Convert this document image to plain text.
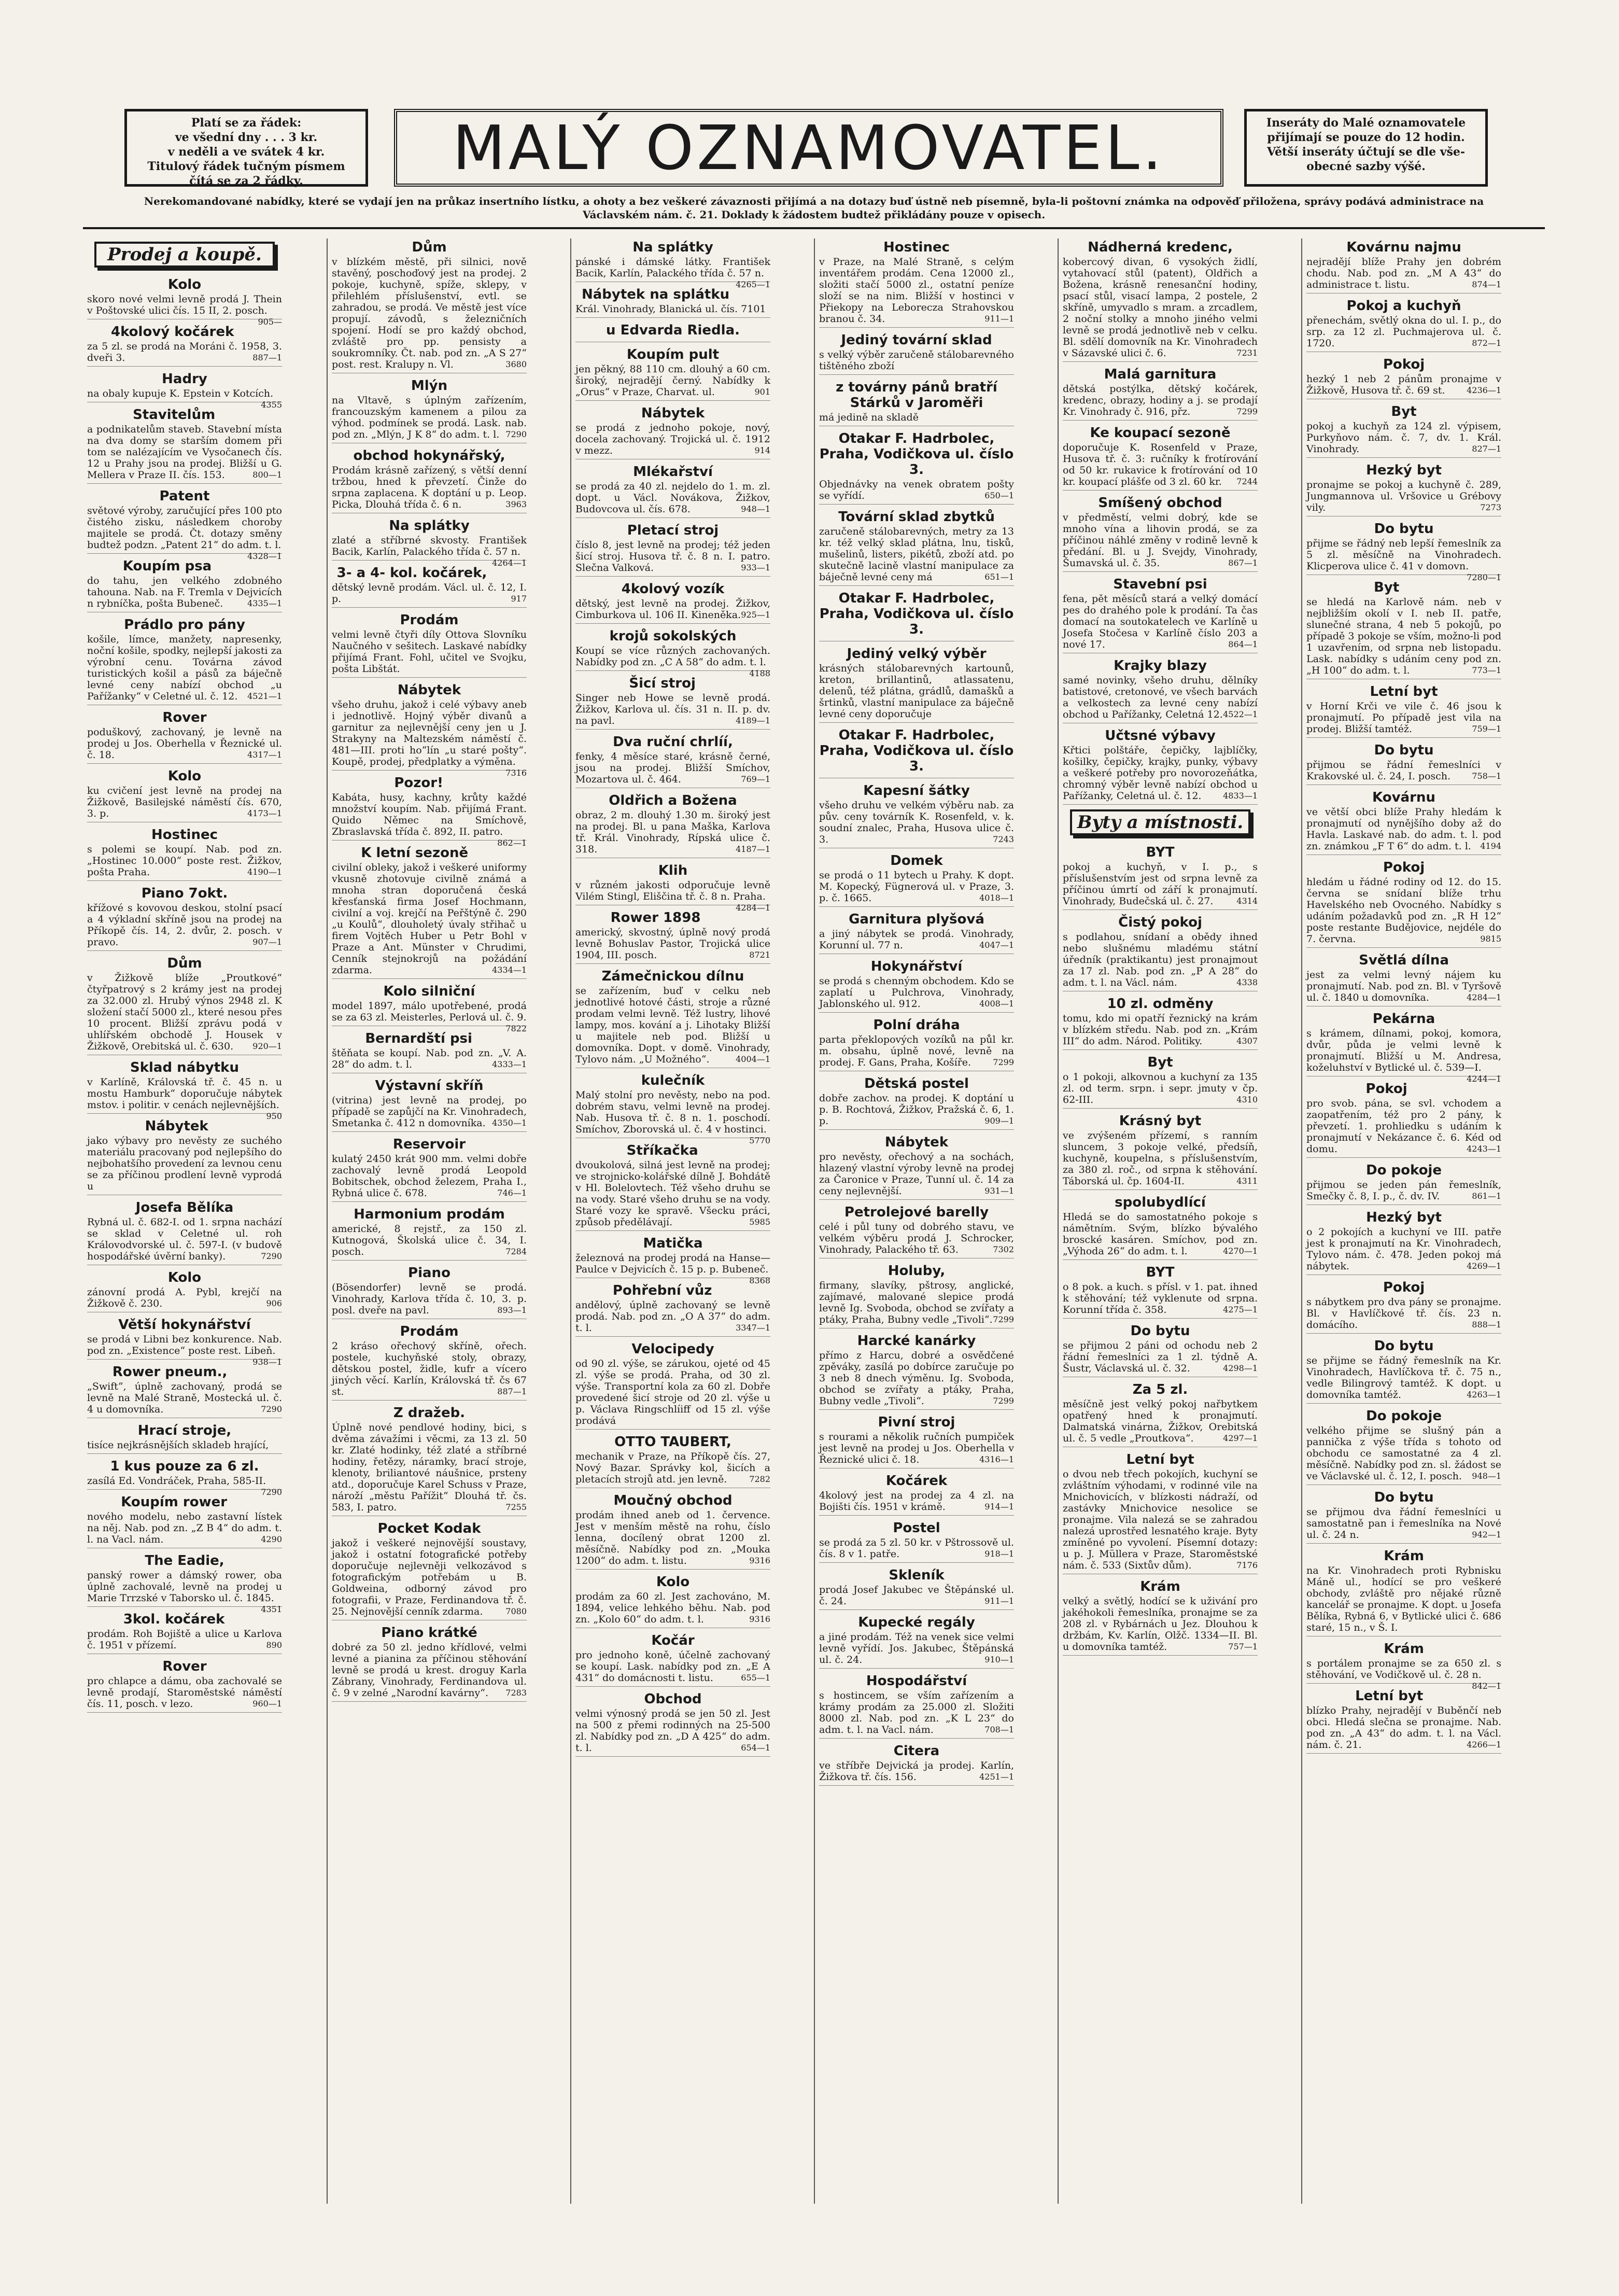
Platí se za řádek:
ve všední dny . . . 3 kr.
v neděli a ve svátek 4 kr.
Titulový řádek tučným písmem
čítá se za 2 řádky.	MALÝ OZNAMOVATEL.	Inseráty do Malé oznamovatele
přijímají se pouze do 12 hodin.
Větší inseráty účtují se dle vše-
obecné sazby výšé.
Nerekomandované nabídky, které se vydají jen na průkaz insertního lístku, a ohoty a bez veškeré závaznosti přijímá a na dotazy buď ústně neb písemně, byla-li poštovní známka na odpověď přiložena, správy podává administrace na Václavském nám. č. 21. Doklady k žádostem budtež přikládány pouze v opisech.
Prodej a koupě.
Kolo

skoro nové velmi levně prodá J. Thein v Poštovské ulici čís. 15 II, 2. posch.
905—

4kolový kočárek

za 5 zl. se prodá na Moráni č. 1958, 3. dveři 3.	887—1

Hadry

na obaly kupuje K. Epstein v Kotcích.
4355

Stavitelům

a podnikatelům staveb. Stavební místa na dva domy se starším domem při tom se nalézajícím ve Vysočanech čís. 12 u Prahy jsou na prodej. Bližší u G. Mellera v Praze II. čís. 153.	800—1

Patent

světové výroby, zaručující přes 100 pto čistého zisku, následkem choroby majitele se prodá. Čt. dotazy směny budtež podzn. „Patent 21“ do adm. t. l.
4328—1

Koupím psa

do tahu, jen velkého zdobného tahouna. Nab. na F. Tremla v Dejvicích n rybníčka, pošta Bubeneč.	4335—1

Prádlo pro pány

košile, límce, manžety, napresenky, noční košile, spodky, nejlepší jakosti za výrobní cenu. Továrna závod turistických košil a pásů za báječně levné ceny nabízí obchod „u Pařížanky“ v Celetné ul. č. 12. 4521—1

Rover

poduškový, zachovaný, je levně na prodej u Jos. Oberhella v Řeznické ul. č. 18.	4317—1

Kolo

ku cvičení jest levně na prodej na Žižkově, Basilejské náměstí čís. 670, 3. p.	4173—1

Hostinec

s polemi se koupí. Nab. pod zn. „Hostinec 10.000“ poste rest. Žižkov, pošta Praha.	4190—1

Piano 7okt.

křížové s kovovou deskou, stolní psací a 4 výkladní skříně jsou na prodej na Příkopě čís. 14, 2. dvůr, 2. posch. v pravo.	907—1

Dům

v Žižkově blíže „Proutkové“ čtyřpatrový s 2 krámy jest na prodej za 32.000 zl. Hrubý výnos 2948 zl. K složení stačí 5000 zl., které nesou přes 10 procent. Bližší zprávu podá v uhlířském obchodě J. Housek v Žižkově, Orebitská ul. č. 630. 920—1

Sklad nábytku

v Karlíně, Královská tř. č. 45 n. u mostu Hamburk“ doporučuje nábytek mstov. i politir. v cenách nejlevnějších.
950

Nábytek

jako výbavy pro nevěsty ze suchého materiálu pracovaný pod nejlepšího do nejbohatšího provedení za levnou cenu se za příčinou prodlení levně vyprodá u

Josefa Bělíka

Rybná ul. č. 682-I. od 1. srpna nachází se sklad v Celetné ul. roh Královodvorské ul. č. 597-I. (v budově hospodářské úvěrní banky).	7290

Kolo

zánovní prodá A. Pybl, krejčí na Žižkově č. 230.	906

Větší hokynářství

se prodá v Libni bez konkurence. Nab. pod zn. „Existence“ poste rest. Libeň.
938—1

Rower pneum.,

„Swift“, úplně zachovaný, prodá se levně na Malé Straně, Mostecká ul. č. 4 u domovníka.	7290

Hrací stroje,

tisíce nejkrásnějších skladeb hrající,

1 kus pouze za 6 zl.

zasílá Ed. Vondráček, Praha, 585-II.
7290

Koupím rower

nového modelu, nebo zastavní lístek na něj. Nab. pod zn. „Z B 4“ do adm. t. l. na Vacl. nám.	4290

The Eadie,

panský rower a dámský rower, oba úplně zachovalé, levně na prodej u Marie Trrzské v Taborsko ul. č. 1845.
4351

3kol. kočárek

prodám. Roh Bojiště a ulice u Karlova č. 1951 v přízemí.	890

Rover

pro chlapce a dámu, oba zachovalé se levně prodají, Staroměstské náměstí čís. 11, posch. v lezo.	960—1

Dům

v blízkém městě, při silnici, nově stavěný, poschoďový jest na prodej. 2 pokoje, kuchyně, spíže, sklepy, v přilehlém příslušenství, evtl. se zahradou, se prodá. Ve městě jest více propují. závodů, s železničních spojení. Hodí se pro každý obchod, zvláště pro pp. pensisty a soukromníky. Čt. nab. pod zn. „A S 27“ post. rest. Kralupy n. Vl.	3680

Mlýn

na Vltavě, s úplným zařízením, francouzským kamenem a pilou za výhod. podmínek se prodá. Lask. nab. pod zn. „Mlýn, J K 8“ do adm. t. l. 7290

obchod hokynářský,

Prodám krásně zařízený, s větší denní tržbou, hned k převzetí. Činže do srpna zaplacena. K doptání u p. Leop. Picka, Dlouhá třída č. 6 n.	3963

Na splátky

zlaté a stříbrné skvosty. František Bacik, Karlín, Palackého třída č. 57 n.
4264—1

3- a 4- kol. kočárek,

dětský levně prodám. Václ. ul. č. 12, I. p.	917

Prodám

velmi levně čtyři díly Ottova Slovníku Naučného v sešitech. Laskavé nabídky přijímá Frant. Fohl, učitel ve Svojku, pošta Libštát.

Nábytek

všeho druhu, jakož i celé výbavy aneb i jednotlivě. Hojný výběr divanů a garnitur za nejlevnější ceny jen u J. Strakyny na Maltezském náměstí č. 481—III. proti ho“lín „u staré pošty“. Koupě, prodej, předplatky a výměna.
7316

Pozor!

Kabáta, husy, kachny, krůty každé množství koupím. Nab. přijímá Frant. Quido Němec na Smíchově, Zbraslavská třída č. 892, II. patro.
862—1

K letní sezoně

civilní obleky, jakož i veškeré uniformy vkusně zhotovuje civilně známá a mnoha stran doporučená česká křesťanská firma Josef Hochmann, civilní a voj. krejčí na Peřštýně č. 290 „u Koulů“, dlouholetý úvaly střihač u firem Vojtěch Huber u Petr Bohl v Praze a Ant. Münster v Chrudimi, Cenník stejnokrojů na požádání zdarma.	4334—1

Kolo silniční

model 1897, málo upotřebené, prodá se za 63 zl. Meisterles, Perlová ul. č. 9.
7822

Bernardští psi

štěňata se koupí. Nab. pod zn. „V. A. 28“ do adm. t. l.	4333—1

Výstavní skříň

(vitrina) jest levně na prodej, po případě se zapůjčí na Kr. Vinohradech, Smetanka č. 412 n domovníka. 4350—1

Reservoir

kulatý 2450 krát 900 mm. velmi dobře zachovalý levně prodá Leopold Bobitschek, obchod železem, Praha I., Rybná ulice č. 678.	746—1

Harmonium prodám

americké, 8 rejstř., za 150 zl. Kutnogová, Školská ulice č. 34, I. posch.	7284

Piano

(Bösendorfer) levně se prodá. Vinohrady, Karlova třída č. 10, 3. p. posl. dveře na pavl.	893—1

Prodám

2 kráso ořechový skříně, ořech. postele, kuchyňské stoly, obrazy, dětskou postel, židle, kufr a vícero jiných věcí. Karlín, Královská tř. čs 67 st.	887—1

Z dražeb.

Úplně nové pendlové hodiny, bici, s dvěma závažími i věcmi, za 13 zl. 50 kr. Zlaté hodinky, též zlaté a stříbrné hodiny, řetězy, náramky, brací stroje, klenoty, briliantové náušnice, prsteny atd., doporučuje Karel Schuss v Praze, nároží „městu Pařížit“ Dlouhá tř. čs. 583, I. patro.	7255

Pocket Kodak

jakož i veškeré nejnovější soustavy, jakož i ostatní fotografické potřeby doporučuje nejlevněji velkozávod s fotografickým potřebám u B. Goldweina, odborný závod pro fotografii, v Praze, Ferdinandova tř. č. 25. Nejnovější cenník zdarma.	7080

Piano krátké

dobré za 50 zl. jedno křídlové, velmi levné a pianina za příčinou stěhování levně se prodá u krest. droguy Karla Zábrany, Vinohrady, Ferdinandova ul. č. 9 v zelné „Narodní kavárny“. 7283

Na splátky

pánské i dámské látky. František Bacik, Karlín, Palackého třída č. 57 n.
4265—1

Nábytek na splátku

Král. Vinohrady, Blanická ul. čís. 7101

u Edvarda Riedla.
Koupím pult

jen pěkný, 88 110 cm. dlouhý a 60 cm. široký, nejradějí černý. Nabídky k „Orus“ v Praze, Charvat. ul.	901

Nábytek

se prodá z jednoho pokoje, nový, docela zachovaný. Trojická ul. č. 1912 v mezz.	914

Mlékařství

se prodá za 40 zl. nejdelo do 1. m. zl. dopt. u Václ. Novákova, Žižkov, Budovcova ul. čís. 678.	948—1

Pletací stroj

číslo 8, jest levně na prodej; též jeden šicí stroj. Husova tř. č. 8 n. I. patro. Slečna Valková.	933—1

4kolový vozík

dětský, jest levně na prodej. Žižkov, Cimburkova ul. 106 II. Kineněka. 925—1

krojů sokolských

Koupí se více různých zachovaných. Nabídky pod zn. „C A 58“ do adm. t. l.
4188

Šicí stroj

Singer neb Howe se levně prodá. Žižkov, Karlova ul. čís. 31 n. II. p. dv. na pavl.	4189—1

Dva ruční chrlíí,

fenky, 4 měsíce staré, krásně černé, jsou na prodej. Bližší Smíchov, Mozartova ul. č. 464.	769—1

Oldřich a Božena

obraz, 2 m. dlouhý 1.30 m. široký jest na prodej. Bl. u pana Maška, Karlova tř. Král. Vinohrady, Rípská ulice č. 318.	4187—1

Klih

v různém jakosti odporučuje levně Vilém Stingl, Eliščina tř. č. 8 n. Praha.
4284—1

Rower 1898

americký, skvostný, úplně nový prodá levně Bohuslav Pastor, Trojická ulice 1904, III. posch.	8721

Zámečnickou dílnu

se zařízením, buď v celku neb jednotlivé hotové části, stroje a různé prodam velmi levně. Též lustry, lihové lampy, mos. kování a j. Lihotaky Bližší u majitele neb pod. Bližší u domovníka. Dopt. v domě. Vinohrady, Tylovo nám. „U Možného“.	4004—1

kulečník

Malý stolní pro nevěsty, nebo na pod. dobrém stavu, velmi levně na prodej. Nab. Husova tř. č. 8 n. 1. poschodí. Smíchov, Zborovská ul. č. 4 v hostinci.
5770

Stříkačka

dvoukolová, silná jest levně na prodej; ve strojnicko-kolářské dílně J. Bohdátě v Hl. Bolelovtech. Též všeho druhu se na vody. Staré všeho druhu se na vody. Staré vozy ke spravě. Všecku práci, způsob předělávají.	5985

Matička

železnová na prodej prodá na Hanse—Paulce v Dejvicích č. 15 p. p. Bubeneč.
8368

Pohřební vůz

andělový, úplně zachovaný se levně prodá. Nab. pod zn. „O A 37“ do adm. t. l.	3347—1

Velocipedy

od 90 zl. výše, se zárukou, ojeté od 45 zl. výše se prodá. Praha, od 30 zl. výše. Transportní kola za 60 zl. Dobře provedené šicí stroje od 20 zl. výše u p. Václava Ringschlíiff od 15 zl. výše prodává

OTTO TAUBERT,

mechanik v Praze, na Příkopě čís. 27, Nový Bazar. Správky kol, šicích a pletacích strojů atd. jen levně.	7282

Moučný obchod

prodám ihned aneb od 1. července. Jest v menším městě na rohu, číslo lenna, docílený obrat 1200 zl. měsíčně. Nabídky pod zn. „Mouka 1200“ do adm. t. listu.	9316

Kolo

prodám za 60 zl. Jest zachováno, M. 1894, velice lehkého běhu. Nab. pod zn. „Kolo 60“ do adm. t. l.	9316

Kočár

pro jednoho koně, účelně zachovaný se koupí. Lask. nabídky pod zn. „E A 431“ do domácnosti t. listu.	655—1

Obchod

velmi výnosný prodá se jen 50 zl. Jest na 500 z přemi rodinných na 25-500 zl. Nabídky pod zn. „D A 425“ do adm. t. l.	654—1

Hostinec

v Praze, na Malé Straně, s celým inventářem prodám. Cena 12000 zl., složiti stačí 5000 zl., ostatní peníze složí se na nim. Bližší v hostinci v Přiekopy na Leborecza Strahovskou branou č. 34.	911—1

Jediný tovární sklad

s velký výběr zaručeně stálobarevného tištěného zboží

z továrny pánů bratří Stárků v Jaroměři

má jedině na skladě

Otakar F. Hadrbolec, Praha, Vodičkova ul. číslo 3.

Objednávky na venek obratem pošty se vyřídí.	650—1

Tovární sklad zbytků

zaručeně stálobarevných, metry za 13 kr. též velký sklad plátna, lnu, tisků, mušelinů, listers, pikétů, zboží atd. po skutečně lacině vlastní manipulace za báječně levné ceny má	651—1

Otakar F. Hadrbolec, Praha, Vodičkova ul. číslo 3.
Jediný velký výběr

krásných stálobarevných kartounů, kreton, brillantinů, atlassatenu, delenů, též plátna, grádlů, damašků a šrtinků, vlastní manipulace za báječně levné ceny doporučuje

Otakar F. Hadrbolec, Praha, Vodičkova ul. číslo 3.
Kapesní šátky

všeho druhu ve velkém výběru nab. za pův. ceny továrník K. Rosenfeld, v. k. soudní znalec, Praha, Husova ulice č. 3.	7243

Domek

se prodá o 11 bytech u Prahy. K dopt. M. Kopecký, Fügnerová ul. v Praze, 3. p. č. 1665.	4018—1

Garnitura plyšová

a jiný nábytek se prodá. Vinohrady, Korunní ul. 77 n.	4047—1

Hokynářství

se prodá s chenným obchodem. Kdo se zaplatí u Pulchrova, Vinohrady, Jablonského ul. 912.	4008—1

Polní dráha

parta překlopových vozíků na půl kr. m. obsahu, úplně nové, levně na prodej. F. Gans, Praha, Košíře.	7299

Dětská postel

dobře zachov. na prodej. K doptání u p. B. Rochtová, Žižkov, Pražská č. 6, 1. p.	909—1

Nábytek

pro nevěsty, ořechový a na sochách, hlazený vlastní výroby levně na prodej za Čaronice v Praze, Tunní ul. č. 14 za ceny nejlevnější.	931—1

Petrolejové barelly

celé i půl tuny od dobrého stavu, ve velkém výběru prodá J. Schrocker, Vinohrady, Palackého tř. 63.	7302

Holuby,

firmany, slavíky, pštrosy, anglické, zajímavé, malované slepice prodá levně Ig. Svoboda, obchod se zvířaty a ptáky, Praha, Bubny vedle „Tivoli“. 7299

Harcké kanárky

přímo z Harcu, dobré a osvědčené zpěváky, zasílá po dobírce zaručuje po 3 neb 8 dnech výměnu. Ig. Svoboda, obchod se zvířaty a ptáky, Praha, Bubny vedle „Tivoli“.	7299

Pivní stroj

s rourami a několik ručních pumpiček jest levně na prodej u Jos. Oberhella v Řeznické ulici č. 18.	4316—1

Kočárek

4kolový jest na prodej za 4 zl. na Bojišti čís. 1951 v krámě.	914—1

Postel

se prodá za 5 zl. 50 kr. v Pštrossově ul. čís. 8 v 1. patře.	918—1

Skleník

prodá Josef Jakubec ve Štěpánské ul. č. 24.	911—1

Kupecké regály

a jiné prodám. Též na venek sice velmi levně vyřídí. Jos. Jakubec, Štěpánská ul. č. 24.	910—1

Hospodářství

s hostincem, se vším zařízením a krámy prodám za 25.000 zl. Složiti 8000 zl. Nab. pod zn. „K L 23“ do adm. t. l. na Vacl. nám.	708—1

Citera

ve stříbře Dejvická ja prodej. Karlín, Žižkova tř. čís. 156.	4251—1

Nádherná kredenc,

kobercový divan, 6 vysokých židlí, vytahovací stůl (patent), Oldřich a Božena, krásně renesanční hodiny, psací stůl, visací lampa, 2 postele, 2 skříně, umyvadlo s mram. a zrcadlem, 2 noční stolky a mnoho jiného velmi levně se prodá jednotlivě neb v celku. Bl. sdělí domovník na Kr. Vinohradech v Sázavské ulici č. 6.	7231

Malá garnitura

dětská postýlka, dětský kočárek, kredenc, obrazy, hodiny a j. se prodají Kr. Vinohrady č. 916, přz.	7299

Ke koupací sezoně

doporučuje K. Rosenfeld v Praze, Husova tř. č. 3: ručníky k frotírování od 50 kr. rukavice k frotírování od 10 kr. koupací plášťe od 3 zl. 60 kr. 7244

Smíšený obchod

v předměstí, velmi dobrý, kde se mnoho vína a lihovin prodá, se za příčinou náhlé změny v rodině levně k předání. Bl. u J. Svejdy, Vinohrady, Šumavská ul. č. 35.	867—1

Stavební psi

fena, pět měsíců stará a velký domácí pes do drahého pole k prodání. Ta čas domací na soutokatelech ve Karlíně u Josefa Stočesa v Karlíně číslo 203 a nové 17.	864—1

Krajky blazy

samé novinky, všeho druhu, dělníky batistové, cretonové, ve všech barvách a velkostech za levné ceny nabízí obchod u Pařížanky, Celetná 12. 4522—1

Učtsné výbavy

Křtici polštáře, čepičky, lajblíčky, košilky, čepičky, krajky, punky, výbavy a veškeré potřeby pro novorozeňátka, chromný výběr levně nabízí obchod u Pařížanky, Celetná ul. č. 12.	4833—1

Byty a místnosti.
BYT

pokoj a kuchyň, v I. p., s příslušenstvím jest od srpna levně za příčinou úmrtí od září k pronajmutí. Vinohrady, Budečská ul. č. 27.	4314

Čistý pokoj

s podlahou, snídaní a obědy ihned nebo slušnému mladému státní úředník (praktikantu) jest pronajmout za 17 zl. Nab. pod zn. „P A 28“ do adm. t. l. na Václ. nám.	4338

10 zl. odměny

tomu, kdo mi opatří řeznický na krám v blízkém středu. Nab. pod zn. „Krám III“ do adm. Národ. Politiky.	4307

Byt

o 1 pokoji, alkovnou a kuchyní za 135 zl. od term. srpn. i sepr. jmuty v čp. 62-III.	4310

Krásný byt

ve zvýšeném přízemí, s ranním sluncem, 3 pokoje velké, předsíň, kuchyně, koupelna, s příslušenstvím, za 380 zl. roč., od srpna k stěhování. Táborská ul. čp. 1604-II.	4311

spolubydlící

Hledá se do samostatného pokoje s námětním. Svým, blízko bývalého broscké kasáren. Smíchov, pod zn. „Výhoda 26“ do adm. t. l.	4270—1

BYT

o 8 pok. a kuch. s přísl. v 1. pat. ihned k stěhování; též vyklenute od srpna. Korunní třída č. 358.	4275—1

Do bytu

se přijmou 2 páni od ochodu neb 2 řádní řemeslníci za 1 zl. týdně A. Šustr, Václavská ul. č. 32.	4298—1

Za 5 zl.

měsíčně jest velký pokoj nařbytkem opatřený hned k pronajmutí. Dalmatská vinárna, Žižkov, Orebitská ul. č. 5 vedle „Proutkova“.	4297—1

Letní byt

o dvou neb třech pokojích, kuchyní se zvláštním výhodami, v rodinné vile na Mnichovicích, v blízkosti nádraží, od zastávky Mnichovice nesolice se pronajme. Vila nalezá se se zahradou nalezá uprostřed lesnatého kraje. Byty zmíněné po vyvolení. Písemní dotazy: u p. J. Müllera v Praze, Staroměstské nám. č. 533 (Sixtův dům).	7176

Krám

velký a světlý, hodící se k uživání pro jakéhokoli řemeslníka, pronajme se za 208 zl. v Rybárnách u Jez. Dlouhou k držbám, Kv. Karlín, Olžč. 1334—II. Bl. u domovníka tamtéž.	757—1

Kovárnu najmu

nejradějí blíže Prahy jen dobrém chodu. Nab. pod zn. „M A 43“ do administrace t. listu.	874—1

Pokoj a kuchyň

přenechám, světlý okna do ul. I. p., do srp. za 12 zl. Puchmajerova ul. č. 1720.	872—1

Pokoj

hezký 1 neb 2 pánům pronajme v Žižkově, Husova tř. č. 69 st.	4236—1

Byt

pokoj a kuchyň za 124 zl. výpisem, Purkyňovo nám. č. 7, dv. 1. Král. Vinohrady.	827—1

Hezký byt

pronajme se pokoj a kuchyně č. 289, Jungmannova ul. Vršovice u Grébovy vily.	7273

Do bytu

přijme se řádný neb lepší řemeslník za 5 zl. měsíčně na Vinohradech. Klicperova ulice č. 41 v domovn.
7280—1

Byt

se hledá na Karlově nám. neb v nejbližším okolí v I. neb II. patře, slunečné strana, 4 neb 5 pokojů, po případě 3 pokoje se vším, možno-li pod 1 uzavřením, od srpna neb listopadu. Lask. nabídky s udáním ceny pod zn. „H 100“ do adm. t. l.	773—1

Letní byt

v Horní Krči ve vile č. 46 jsou k pronajmutí. Po případě jest vila na prodej. Bližší tamtéž.	759—1

Do bytu

přijmou se řádní řemeslníci v Krakovské ul. č. 24, I. posch.	758—1

Kovárnu

ve větší obci blíže Prahy hledám k pronajmutí od nynějšího doby až do Havla. Laskavé nab. do adm. t. l. pod zn. známkou „F T 6“ do adm. t. l. 4194

Pokoj

hledám u řádné rodiny od 12. do 15. června se snídaní blíže trhu Havelského neb Ovocného. Nabídky s udáním požadavků pod zn. „R H 12“ poste restante Budějovice, nejdéle do 7. června.	9815

Světlá dílna

jest za velmi levný nájem ku pronajmutí. Nab. pod zn. Bl. v Tyršově ul. č. 1840 u domovníka.	4284—1

Pekárna

s krámem, dílnami, pokoj, komora, dvůr, půda je velmi levně k pronajmutí. Bližší u M. Andresa, koželuhství v Bytlické ul. č. 539—I.
4244—1

Pokoj

pro svob. pána, se svl. vchodem a zaopatřením, též pro 2 pány, k převzetí. 1. prohliedku s udáním k pronajmutí v Nekázance č. 6. Kéd od domu.	4243—1

Do pokoje

přijmou se jeden pán řemeslník, Smečky č. 8, I. p., č. dv. IV.	861—1

Hezký byt

o 2 pokojích a kuchyní ve III. patře jest k pronajmutí na Kr. Vinohradech, Tylovo nám. č. 478. Jeden pokoj má nábytek.	4269—1

Pokoj

s nábytkem pro dva pány se pronajme. Bl. v Havlíčkové tř. čís. 23 n. domácího.	888—1

Do bytu

se přijme se řádný řemeslník na Kr. Vinohradech, Havlíčkova tř. č. 75 n., vedle Bilingrový tamtéž. K dopt. u domovníka tamtéž.	4263—1

Do pokoje

velkého přijme se slušný pán a pannička z výše třída s tohoto od obchodu ce samostatné za 4 zl. měsíčně. Nabídky pod zn. sl. žádost se ve Václavské ul. č. 12, I. posch. 948—1

Do bytu

se přijmou dva řádní řemeslníci u samostatně pan i řemeslníka na Nové ul. č. 24 n.	942—1

Krám

na Kr. Vinohradech proti Rybnisku Máně ul., hodící se pro veškeré obchody, zvláště pro nějaké různě kancelář se pronajme. K dopt. u Josefa Bělíka, Rybná 6, v Bytlické ulici č. 686 staré, 15 n., v Š. I.

Krám

s portálem pronajme se za 650 zl. s stěhování, ve Vodičkově ul. č. 28 n.
842—1

Letní byt

blízko Prahy, nejradějí v Buběnčí neb obci. Hledá slečna se pronajme. Nab. pod zn. „A 43“ do adm. t. l. na Václ. nám. č. 21.	4266—1
